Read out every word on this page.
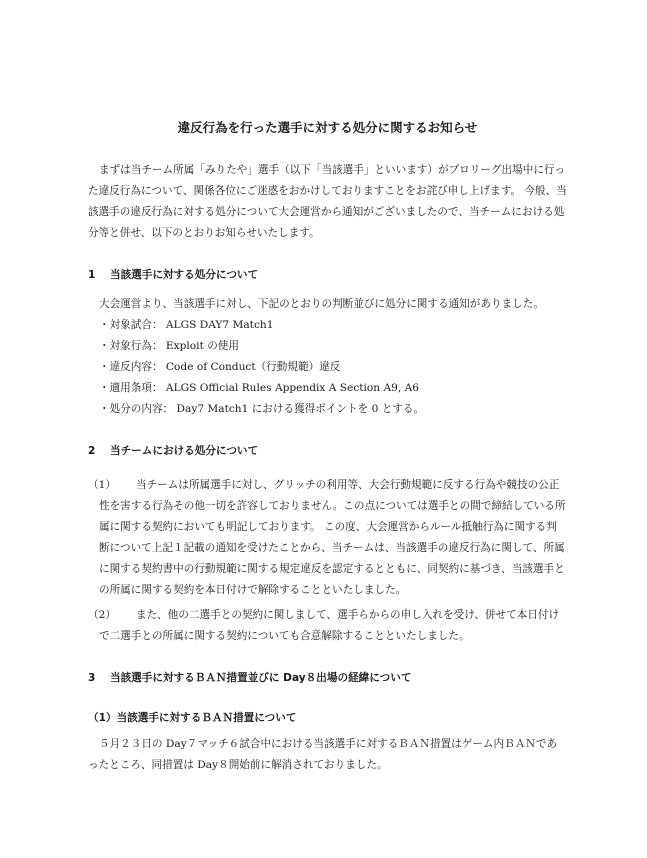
違反行為を行った選手に対する処分に関するお知らせ

まずは当チーム所属「みりたや」選手（以下「当該選手」といいます）がプロリーグ出場中に行った違反行為について、関係各位にご迷惑をおかけしておりますことをお詫び申し上げます。 今般、当該選手の違反行為に対する処分について大会運営から通知がございましたので、当チームにおける処分等と併せ、以下のとおりお知らせいたします。

1 当該選手に対する処分について

大会運営より、当該選手に対し、下記のとおりの判断並びに処分に関する通知がありました。

・対象試合： ALGS DAY7 Match1
・対象行為： Exploit の使用
・違反内容： Code of Conduct（行動規範）違反
・適用条項： ALGS Official Rules Appendix A Section A9, A6
・処分の内容： Day7 Match1 における獲得ポイントを 0 とする。
2 当チームにおける処分について

（1） 当チームは所属選手に対し、グリッチの利用等、大会行動規範に反する行為や競技の公正性を害する行為その他一切を許容しておりません。この点については選手との間で締結している所属に関する契約においても明記しております。 この度、大会運営からルール抵触行為に関する判断について上記１記載の通知を受けたことから、当チームは、当該選手の違反行為に関して、所属に関する契約書中の行動規範に関する規定違反を認定するとともに、同契約に基づき、当該選手との所属に関する契約を本日付けで解除することといたしました。

（2） また、他の二選手との契約に関しまして、選手らからの申し入れを受け、併せて本日付けで二選手との所属に関する契約についても合意解除することといたしました。

3 当該選手に対するＢＡＮ措置並びに Day８出場の経緯について
（1）当該選手に対するＢＡＮ措置について

５月２３日の Day７マッチ６試合中における当該選手に対するＢＡＮ措置はゲーム内ＢＡＮであったところ、同措置は Day８開始前に解消されておりました。
